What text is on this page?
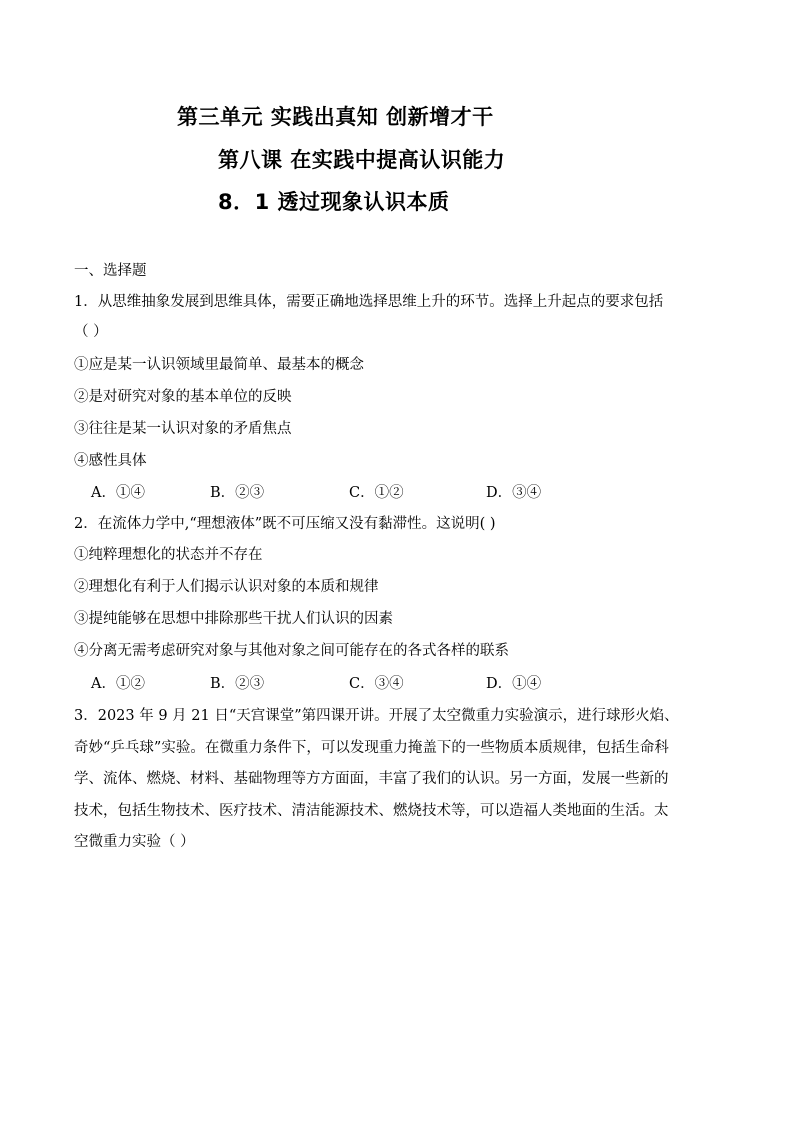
第三单元 实践出真知 创新增才干
第八课 在实践中提高认识能力
8．1 透过现象认识本质
一、选择题
1．从思维抽象发展到思维具体，需要正确地选择思维上升的环节。选择上升起点的要求包括
（ ）
①应是某一认识领域里最简单、最基本的概念
②是对研究对象的基本单位的反映
③往往是某一认识对象的矛盾焦点
④感性具体
A．①④	B．②③	C．①②	D．③④
2．在流体力学中,“理想液体”既不可压缩又没有黏滞性。这说明( )
①纯粹理想化的状态并不存在
②理想化有利于人们揭示认识对象的本质和规律
③提纯能够在思想中排除那些干扰人们认识的因素
④分离无需考虑研究对象与其他对象之间可能存在的各式各样的联系
A．①②	B．②③	C．③④	D．①④
3．2023 年 9 月 21 日“天宫课堂”第四课开讲。开展了太空微重力实验演示，进行球形火焰、
奇妙“乒乓球”实验。在微重力条件下，可以发现重力掩盖下的一些物质本质规律，包括生命科
学、流体、燃烧、材料、基础物理等方方面面，丰富了我们的认识。另一方面，发展一些新的
技术，包括生物技术、医疗技术、清洁能源技术、燃烧技术等，可以造福人类地面的生活。太
空微重力实验（ ）
